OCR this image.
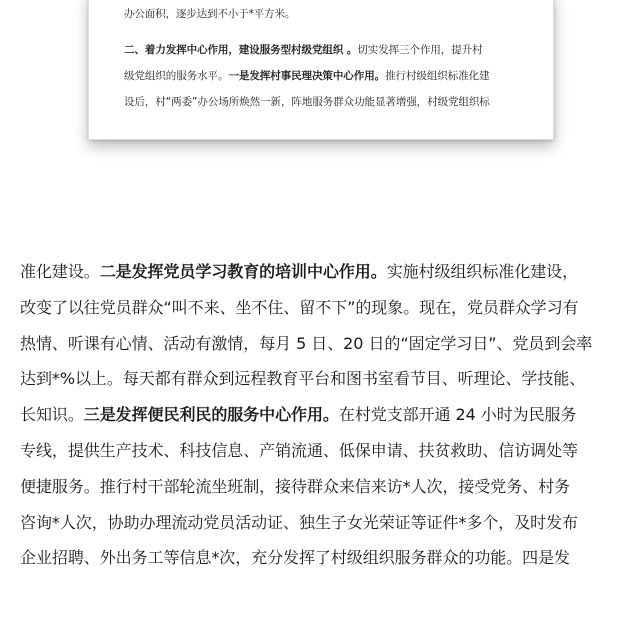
办公面积，逐步达到不小于*平方米。
二、着力发挥中心作用，建设服务型村级党组织 。切实发挥三个作用，提升村
级党组织的服务水平。一是发挥村事民理决策中心作用。推行村级组织标准化建
设后，村“两委”办公场所焕然一新，阵地服务群众功能显著增强，村级党组织标
准化建设。二是发挥党员学习教育的培训中心作用。实施村级组织标准化建设，
改变了以往党员群众“叫不来、坐不住、留不下”的现象。现在，党员群众学习有
热情、听课有心情、活动有激情，每月 5 日、20 日的“固定学习日”、党员到会率
达到*%以上。每天都有群众到远程教育平台和图书室看节目、听理论、学技能、
长知识。三是发挥便民利民的服务中心作用。在村党支部开通 24 小时为民服务
专线，提供生产技术、科技信息、产销流通、低保申请、扶贫救助、信访调处等
便捷服务。推行村干部轮流坐班制，接待群众来信来访*人次，接受党务、村务
咨询*人次，协助办理流动党员活动证、独生子女光荣证等证件*多个，及时发布
企业招聘、外出务工等信息*次，充分发挥了村级组织服务群众的功能。四是发
